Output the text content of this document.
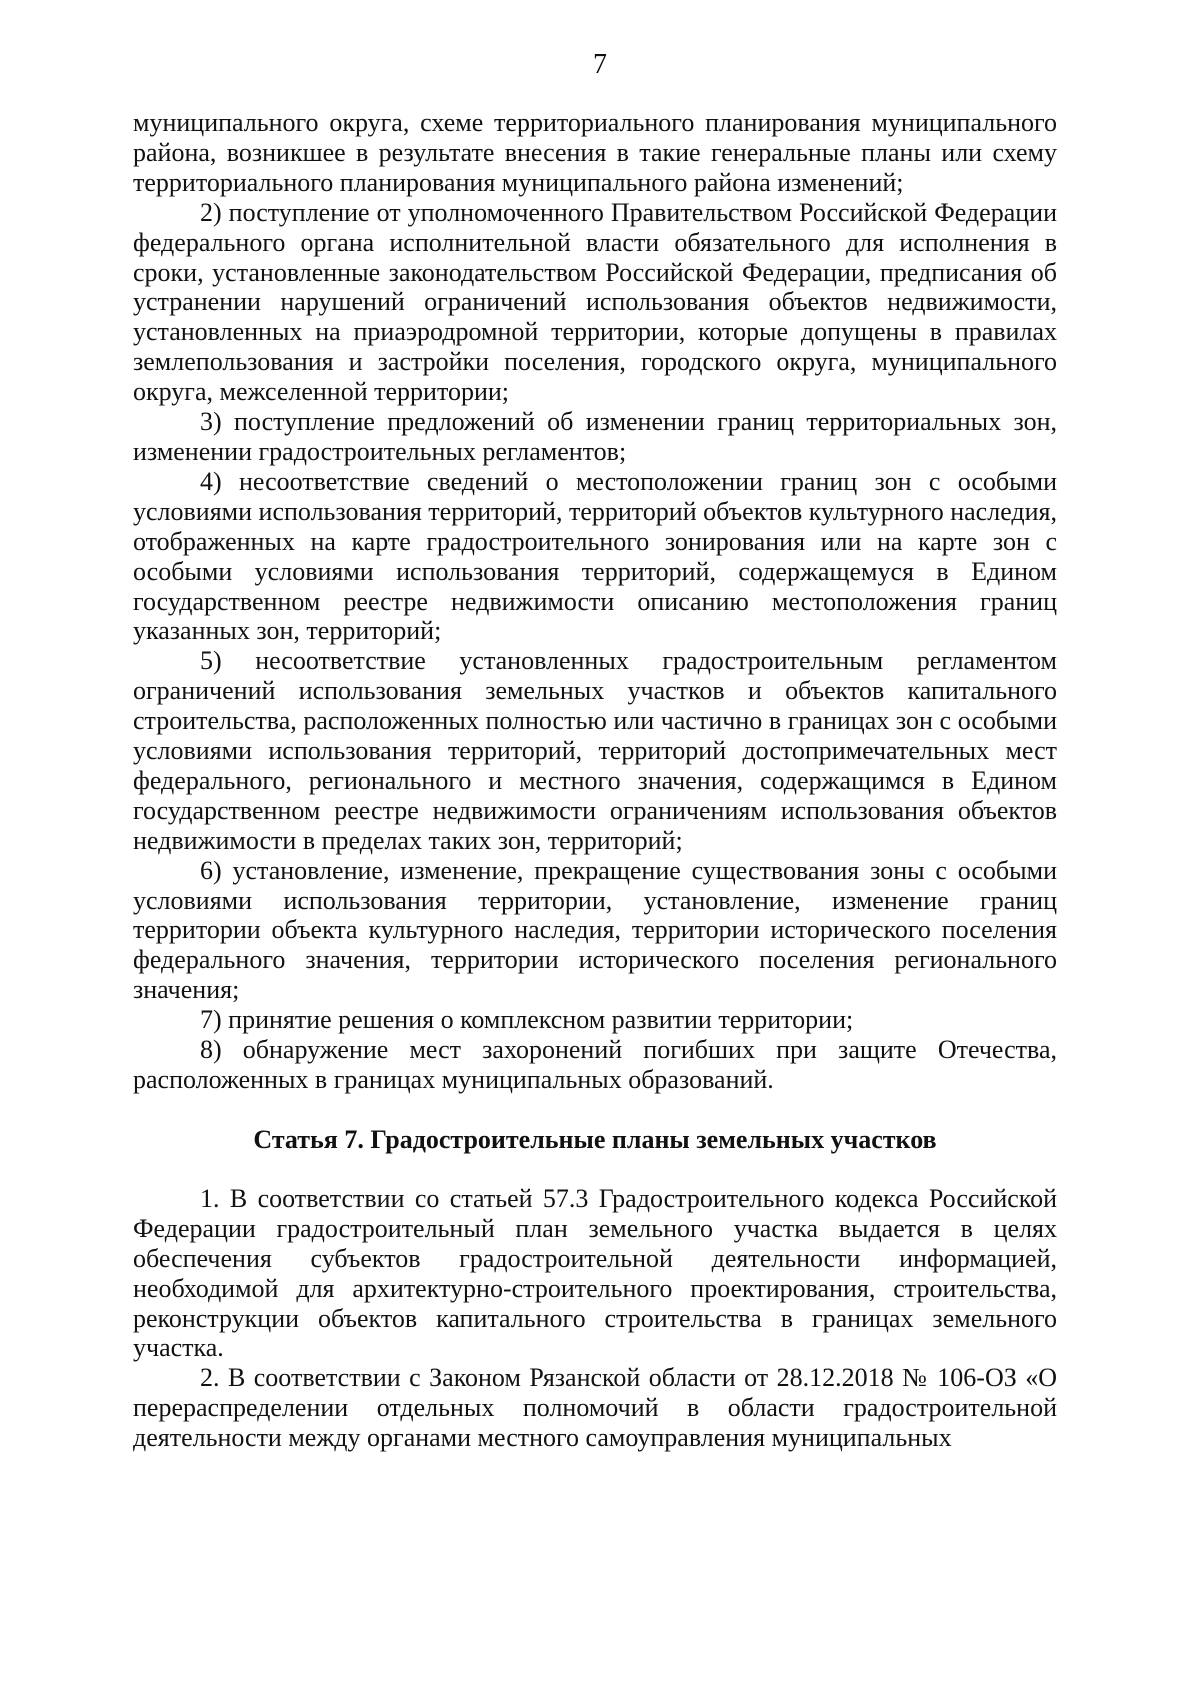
7

муниципального округа, схеме территориального планирования муниципального района, возникшее в результате внесения в такие генеральные планы или схему территориального планирования муниципального района изменений;

2) поступление от уполномоченного Правительством Российской Федерации федерального органа исполнительной власти обязательного для исполнения в сроки, установленные законодательством Российской Федерации, предписания об устранении нарушений ограничений использования объектов недвижимости, установленных на приаэродромной территории, которые допущены в правилах землепользования и застройки поселения, городского округа, муниципального округа, межселенной территории;

3) поступление предложений об изменении границ территориальных зон, изменении градостроительных регламентов;

4) несоответствие сведений о местоположении границ зон с особыми условиями использования территорий, территорий объектов культурного наследия, отображенных на карте градостроительного зонирования или на карте зон с особыми условиями использования территорий, содержащемуся в Едином государственном реестре недвижимости описанию местоположения границ указанных зон, территорий;

5) несоответствие установленных градостроительным регламентом ограничений использования земельных участков и объектов капитального строительства, расположенных полностью или частично в границах зон с особыми условиями использования территорий, территорий достопримечательных мест федерального, регионального и местного значения, содержащимся в Едином государственном реестре недвижимости ограничениям использования объектов недвижимости в пределах таких зон, территорий;

6) установление, изменение, прекращение существования зоны с особыми условиями использования территории, установление, изменение границ территории объекта культурного наследия, территории исторического поселения федерального значения, территории исторического поселения регионального значения;

7) принятие решения о комплексном развитии территории;

8) обнаружение мест захоронений погибших при защите Отечества, расположенных в границах муниципальных образований.

Статья 7. Градостроительные планы земельных участков

1. В соответствии со статьей 57.3 Градостроительного кодекса Российской Федерации градостроительный план земельного участка выдается в целях обеспечения субъектов градостроительной деятельности информацией, необходимой для архитектурно-строительного проектирования, строительства, реконструкции объектов капитального строительства в границах земельного участка.

2. В соответствии с Законом Рязанской области от 28.12.2018 № 106-ОЗ «О перераспределении отдельных полномочий в области градостроительной деятельности между органами местного самоуправления муниципальных
